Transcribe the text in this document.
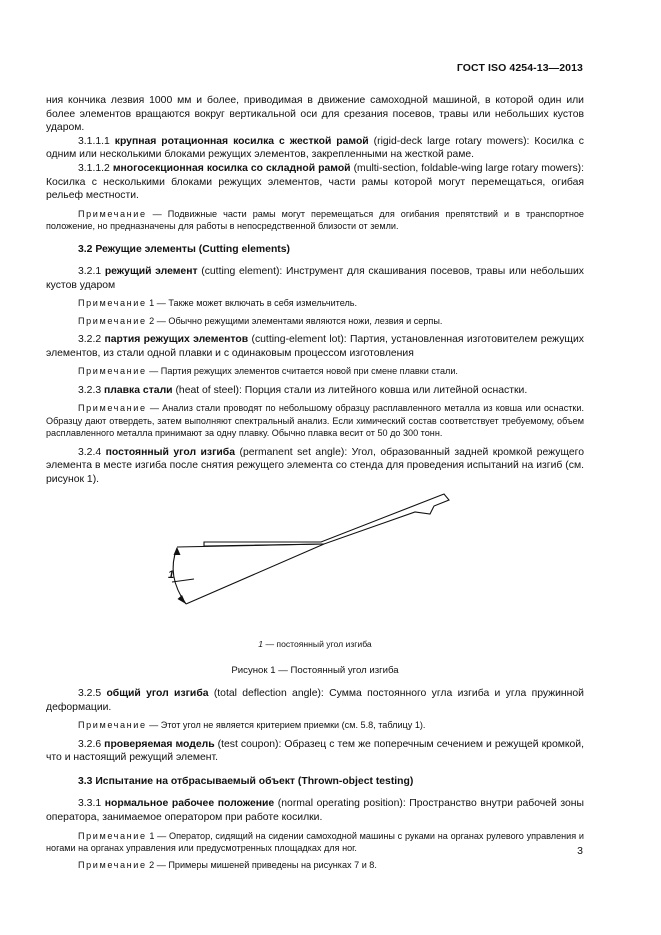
ГОСТ ISO 4254-13—2013

ния кончика лезвия 1000 мм и более, приводимая в движение самоходной машиной, в которой один или более элементов вращаются вокруг вертикальной оси для срезания посевов, травы или небольших кустов ударом.

3.1.1.1 крупная ротационная косилка с жесткой рамой (rigid-deck large rotary mowers): Косилка с одним или несколькими блоками режущих элементов, закрепленными на жесткой раме.

3.1.1.2 многосекционная косилка со складной рамой (multi-section, foldable-wing large rotary mowers): Косилка с несколькими блоками режущих элементов, части рамы которой могут перемещаться, огибая рельеф местности.

Примечание — Подвижные части рамы могут перемещаться для огибания препятствий и в транспортное положение, но предназначены для работы в непосредственной близости от земли.

3.2 Режущие элементы (Cutting elements)

3.2.1 режущий элемент (cutting element): Инструмент для скашивания посевов, травы или небольших кустов ударом

Примечание 1 — Также может включать в себя измельчитель.

Примечание 2 — Обычно режущими элементами являются ножи, лезвия и серпы.

3.2.2 партия режущих элементов (cutting-element lot): Партия, установленная изготовителем режущих элементов, из стали одной плавки и с одинаковым процессом изготовления

Примечание — Партия режущих элементов считается новой при смене плавки стали.

3.2.3 плавка стали (heat of steel): Порция стали из литейного ковша или литейной оснастки.

Примечание — Анализ стали проводят по небольшому образцу расплавленного металла из ковша или оснастки. Образцу дают отвердеть, затем выполняют спектральный анализ. Если химический состав соответствует требуемому, объем расплавленного металла принимают за одну плавку. Обычно плавка весит от 50 до 300 тонн.

3.2.4 постоянный угол изгиба (permanent set angle): Угол, образованный задней кромкой режущего элемента в месте изгиба после снятия режущего элемента со стенда для проведения испытаний на изгиб (см. рисунок 1).

1
1 — постоянный угол изгиба

Рисунок 1 — Постоянный угол изгиба

3.2.5 общий угол изгиба (total deflection angle): Сумма постоянного угла изгиба и угла пружинной деформации.

Примечание — Этот угол не является критерием приемки (см. 5.8, таблицу 1).

3.2.6 проверяемая модель (test coupon): Образец с тем же поперечным сечением и режущей кромкой, что и настоящий режущий элемент.

3.3 Испытание на отбрасываемый объект (Thrown-object testing)

3.3.1 нормальное рабочее положение (normal operating position): Пространство внутри рабочей зоны оператора, занимаемое оператором при работе косилки.

Примечание 1 — Оператор, сидящий на сидении самоходной машины с руками на органах рулевого управления и ногами на органах управления или предусмотренных площадках для ног.

Примечание 2 — Примеры мишеней приведены на рисунках 7 и 8.

3
